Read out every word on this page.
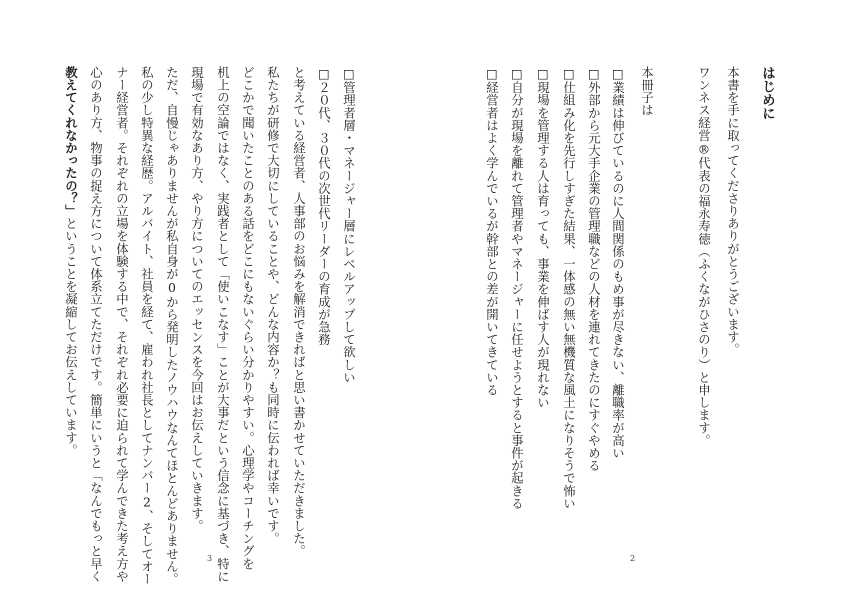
はじめに
本書を手に取ってくださりありがとうございます。
ワンネス経営®代表の福永寿徳（ふくながひさのり）と申します。
本冊子は
□業績は伸びているのに人間関係のもめ事が尽きない、離職率が高い
□外部から元大手企業の管理職などの人材を連れてきたのにすぐやめる
□仕組み化を先行しすぎた結果、一体感の無い無機質な風土になりそうで怖い
□現場を管理する人は育っても、事業を伸ばす人が現れない
□自分が現場を離れて管理者やマネージャーに任せようとすると事件が起きる
□経営者はよく学んでいるが幹部との差が開いてきている
2
□管理者層・マネージャー層にレベルアップして欲しい
□２０代、３０代の次世代リーダーの育成が急務
と考えている経営者、人事部のお悩みを解消できればと思い書かせていただきました。
私たちが研修で大切にしていることや、どんな内容か？も同時に伝われば幸いです。
どこかで聞いたことのある話をどこにもないぐらい分かりやすい。心理学やコーチングを
机上の空論ではなく、実践者として「使いこなす」ことが大事だという信念に基づき、特に
現場で有効なあり方、やり方についてのエッセンスを今回はお伝えしていきます。
ただ、自慢じゃありませんが私自身が0から発明したノウハウなんてほとんどありません。
私の少し特異な経歴。アルバイト、社員を経て、雇われ社長としてナンバー2、そしてオー
ナー経営者。それぞれの立場を体験する中で、それぞれ必要に迫られて学んできた考え方や
心のあり方、物事の捉え方について体系立てただけです。簡単にいうと「なんでもっと早く
教えてくれなかったの？」ということを凝縮してお伝えしています。
3
